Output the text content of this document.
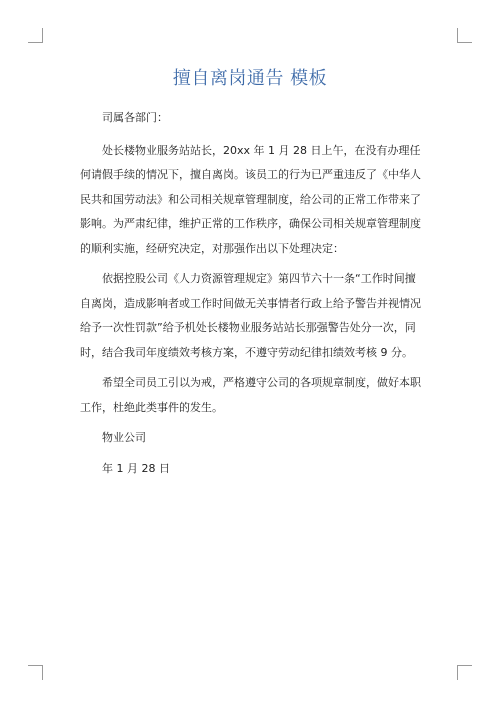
擅自离岗通告 模板

司属各部门：

处长楼物业服务站站长，20xx 年 1 月 28 日上午，在没有办理任何请假手续的情况下，擅自离岗。该员工的行为已严重违反了《中华人民共和国劳动法》和公司相关规章管理制度，给公司的正常工作带来了影响。为严肃纪律，维护正常的工作秩序，确保公司相关规章管理制度的顺利实施，经研究决定，对那强作出以下处理决定：

依据控股公司《人力资源管理规定》第四节六十一条“工作时间擅自离岗，造成影响者或工作时间做无关事情者行政上给予警告并视情况给予一次性罚款”给予机处长楼物业服务站站长那强警告处分一次，同时，结合我司年度绩效考核方案，不遵守劳动纪律扣绩效考核 9 分。

希望全司员工引以为戒，严格遵守公司的各项规章制度，做好本职工作，杜绝此类事件的发生。

物业公司

年 1 月 28 日
